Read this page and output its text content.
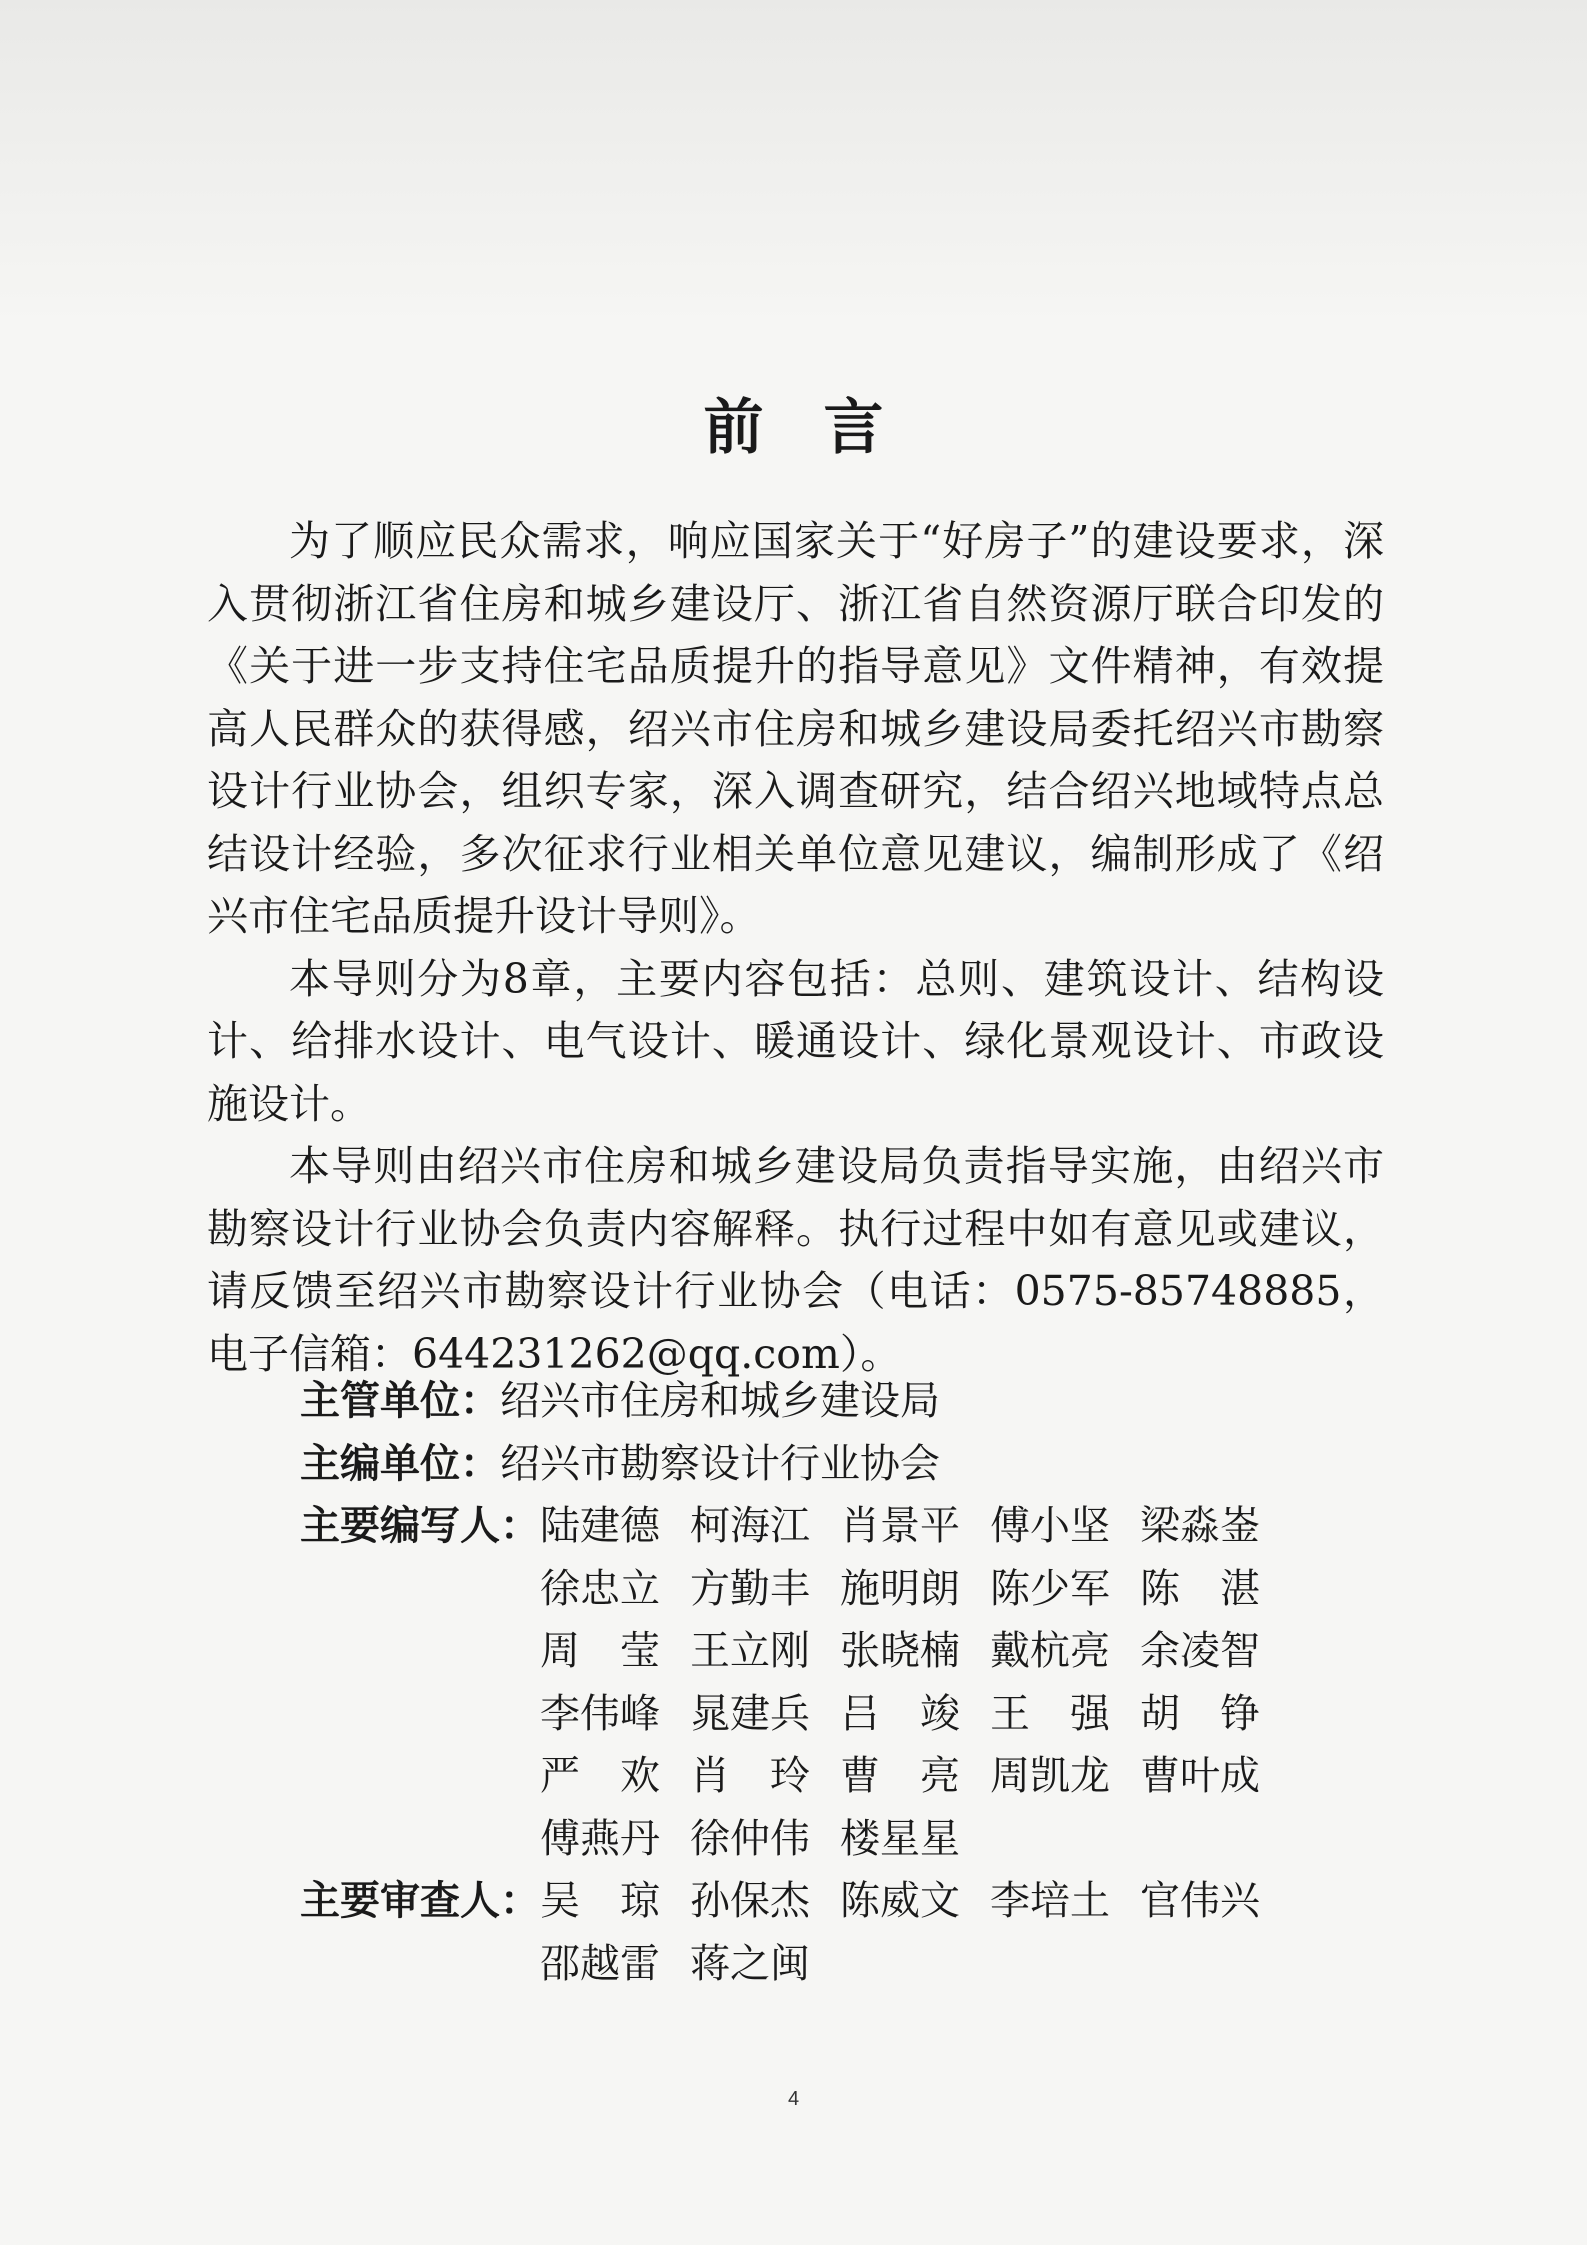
前言

为了顺应民众需求，响应国家关于“好房子”的建设要求，深入贯彻浙江省住房和城乡建设厅、浙江省自然资源厅联合印发的《关于进一步支持住宅品质提升的指导意见》文件精神，有效提高人民群众的获得感，绍兴市住房和城乡建设局委托绍兴市勘察设计行业协会，组织专家，深入调查研究，结合绍兴地域特点总结设计经验，多次征求行业相关单位意见建议，编制形成了《绍兴市住宅品质提升设计导则》。

本导则分为8章，主要内容包括：总则、建筑设计、结构设计、给排水设计、电气设计、暖通设计、绿化景观设计、市政设施设计。

本导则由绍兴市住房和城乡建设局负责指导实施，由绍兴市勘察设计行业协会负责内容解释。执行过程中如有意见或建议，请反馈至绍兴市勘察设计行业协会（电话：0575-85748885，电子信箱：644231262@qq.com）。

主管单位： 绍兴市住房和城乡建设局
主编单位： 绍兴市勘察设计行业协会
主要编写人： 陆建德 柯海江 肖景平 傅小坚 梁淼崟
徐忠立 方勤丰 施明朗 陈少军 陈　湛
周　莹 王立刚 张晓楠 戴杭亮 余凌智
李伟峰 晁建兵 吕　竣 王　强 胡　铮
严　欢 肖　玲 曹　亮 周凯龙 曹叶成
傅燕丹 徐仲伟 楼星星
主要审查人： 吴　琼 孙保杰 陈威文 李培土 官伟兴
邵越雷 蒋之闽
4
